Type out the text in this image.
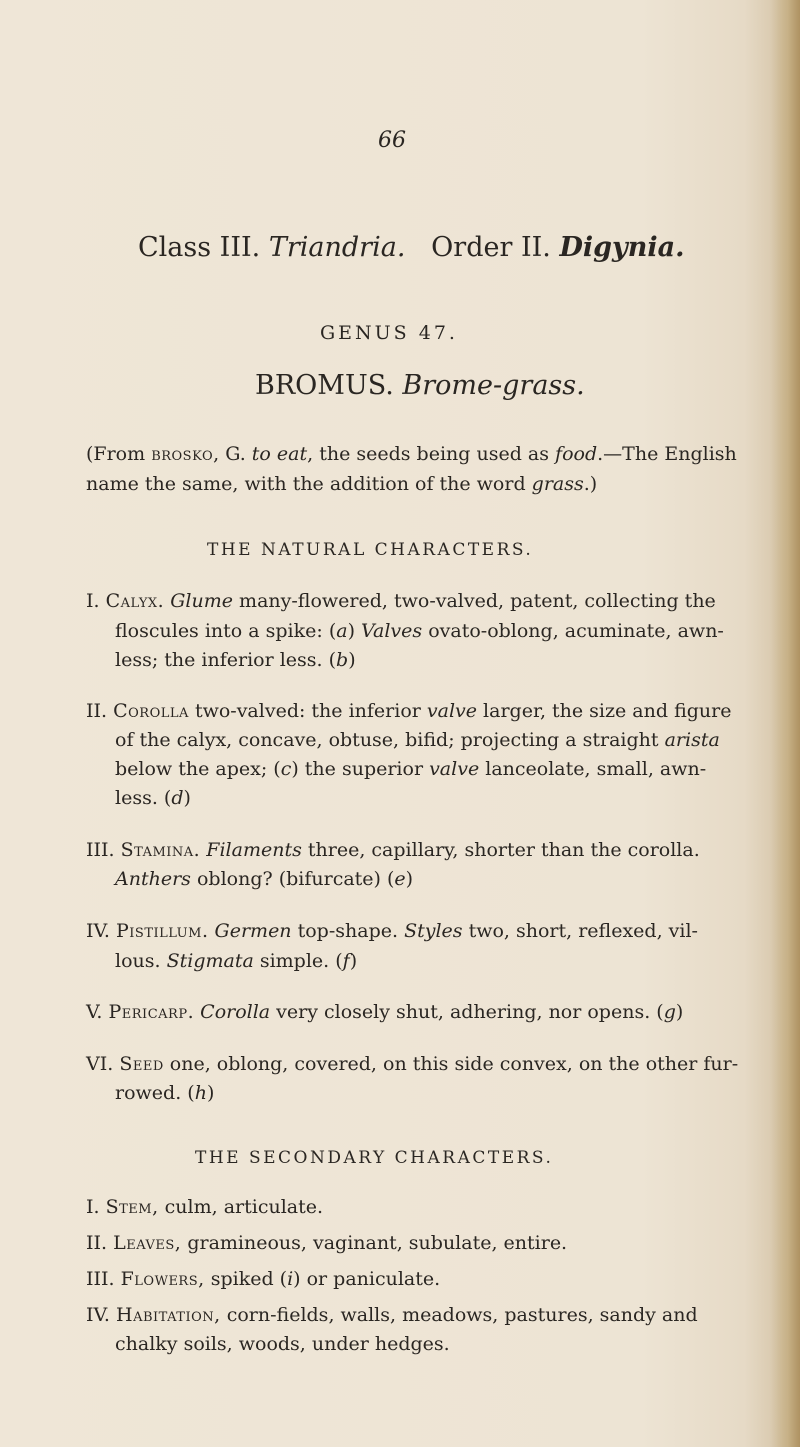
66
Class III. Triandria. Order II. Digynia.
GENUS 47.
BROMUS. Brome-grass.
(From brosko, G. to eat, the seeds being used as food.—The English
name the same, with the addition of the word grass.)
THE NATURAL CHARACTERS.
I. Calyx. Glume many-flowered, two-valved, patent, collecting the
floscules into a spike: (a) Valves ovato-oblong, acuminate, awn-
less; the inferior less. (b)
II. Corolla two-valved: the inferior valve larger, the size and figure
of the calyx, concave, obtuse, bifid; projecting a straight arista
below the apex; (c) the superior valve lanceolate, small, awn-
less. (d)
III. Stamina. Filaments three, capillary, shorter than the corolla.
Anthers oblong? (bifurcate) (e)
IV. Pistillum. Germen top-shape. Styles two, short, reflexed, vil-
lous. Stigmata simple. (f)
V. Pericarp. Corolla very closely shut, adhering, nor opens. (g)
VI. Seed one, oblong, covered, on this side convex, on the other fur-
rowed. (h)
THE SECONDARY CHARACTERS.
I. Stem, culm, articulate.
II. Leaves, gramineous, vaginant, subulate, entire.
III. Flowers, spiked (i) or paniculate.
IV. Habitation, corn-fields, walls, meadows, pastures, sandy and
chalky soils, woods, under hedges.
